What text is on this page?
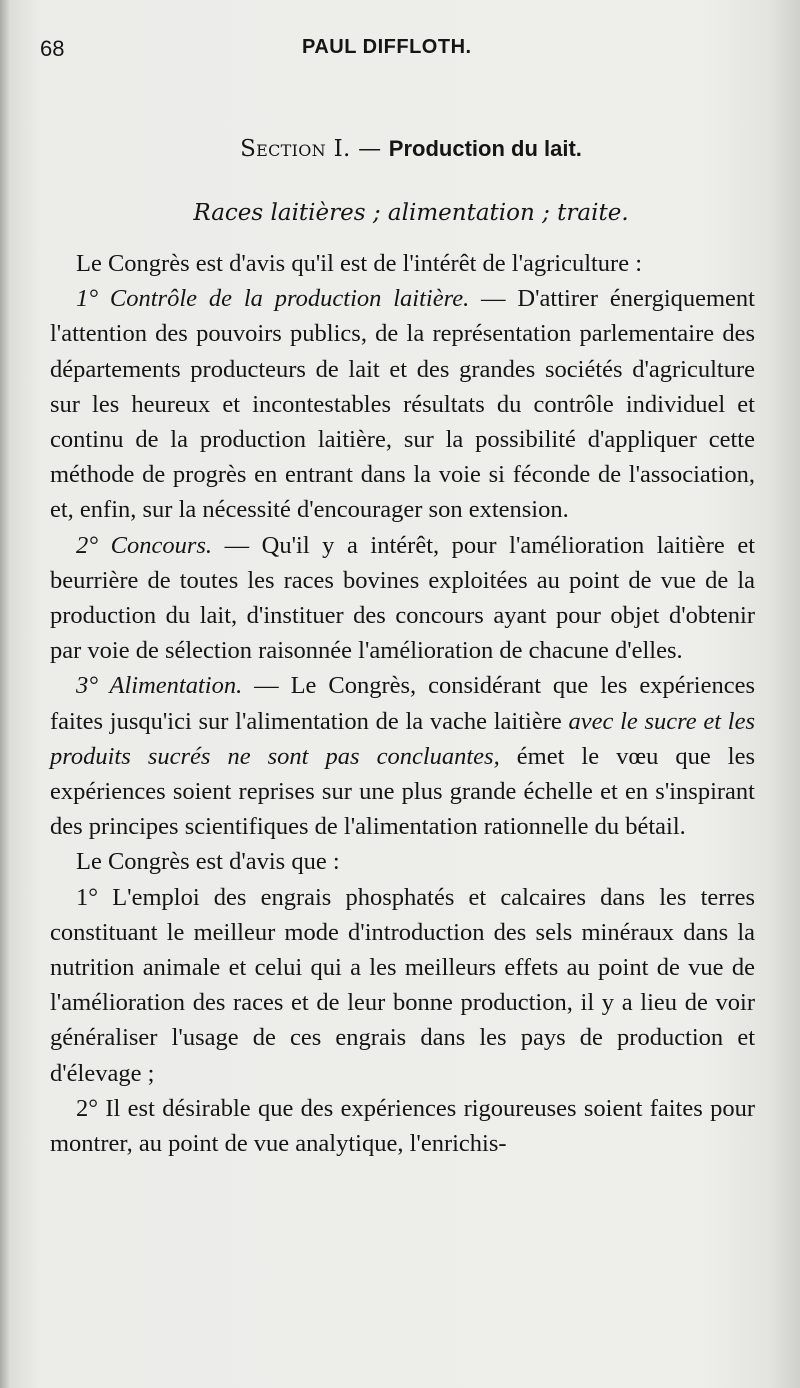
68	PAUL DIFFLOTH.
Section I. — Production du lait.
Races laitières ; alimentation ; traite.

Le Congrès est d'avis qu'il est de l'intérêt de l'agriculture :

1° Contrôle de la production laitière. — D'attirer énergiquement l'attention des pouvoirs publics, de la représentation parlementaire des départements producteurs de lait et des grandes sociétés d'agriculture sur les heureux et incontestables résultats du contrôle individuel et continu de la production laitière, sur la possibilité d'appliquer cette méthode de progrès en entrant dans la voie si féconde de l'association, et, enfin, sur la nécessité d'encourager son extension.

2° Concours. — Qu'il y a intérêt, pour l'amélioration laitière et beurrière de toutes les races bovines exploitées au point de vue de la production du lait, d'instituer des concours ayant pour objet d'obtenir par voie de sélection raisonnée l'amélioration de chacune d'elles.

3° Alimentation. — Le Congrès, considérant que les expériences faites jusqu'ici sur l'alimentation de la vache laitière avec le sucre et les produits sucrés ne sont pas concluantes, émet le vœu que les expériences soient reprises sur une plus grande échelle et en s'inspirant des principes scientifiques de l'alimentation rationnelle du bétail.

Le Congrès est d'avis que :

1° L'emploi des engrais phosphatés et calcaires dans les terres constituant le meilleur mode d'introduction des sels minéraux dans la nutrition animale et celui qui a les meilleurs effets au point de vue de l'amélioration des races et de leur bonne production, il y a lieu de voir généraliser l'usage de ces engrais dans les pays de production et d'élevage ;

2° Il est désirable que des expériences rigoureuses soient faites pour montrer, au point de vue analytique, l'enrichis-
